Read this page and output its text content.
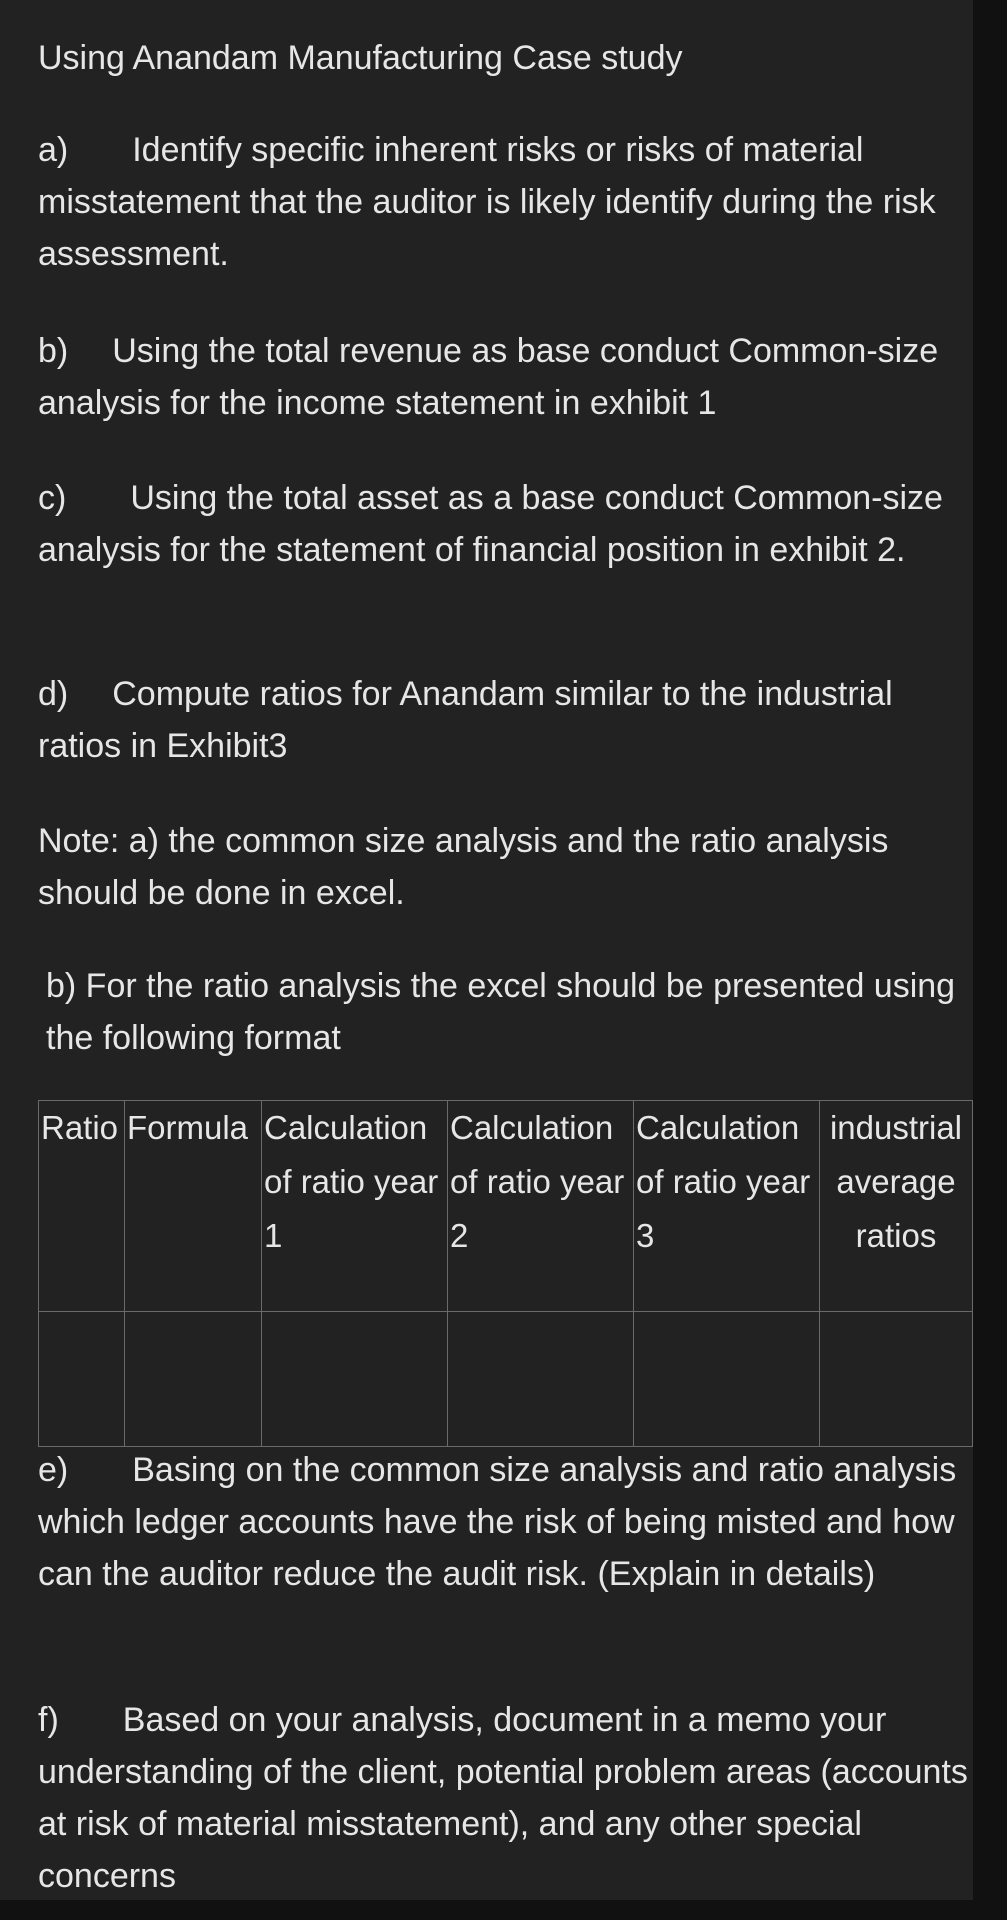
Using Anandam Manufacturing Case study

a) Identify specific inherent risks or risks of material misstatement that the auditor is likely identify during the risk assessment.

b) Using the total revenue as base conduct Common-size analysis for the income statement in exhibit 1

c) Using the total asset as a base conduct Common-size analysis for the statement of financial position in exhibit 2.

d) Compute ratios for Anandam similar to the industrial ratios in Exhibit3

Note: a) the common size analysis and the ratio analysis should be done in excel.

b) For the ratio analysis the excel should be presented using the following format

Ratio	Formula	Calculation of ratio year 1	Calculation of ratio year 2	Calculation of ratio year 3	industrial average ratios

e) Basing on the common size analysis and ratio analysis which ledger accounts have the risk of being misted and how can the auditor reduce the audit risk. (Explain in details)

f) Based on your analysis, document in a memo your understanding of the client, potential problem areas (accounts at risk of material misstatement), and any other special concerns
